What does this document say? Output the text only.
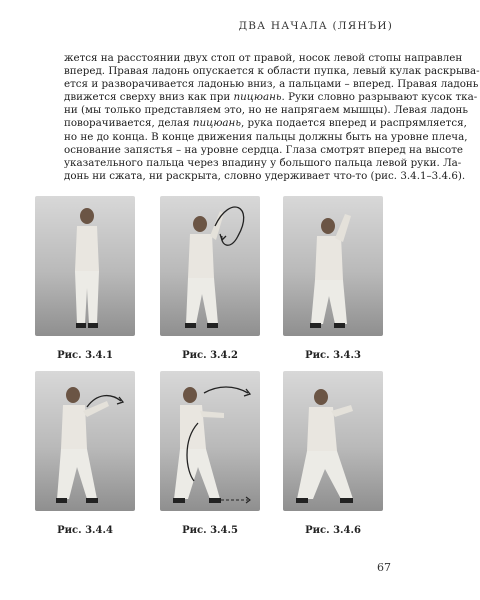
ДВА НАЧАЛА (ЛЯНЪИ)
жется на расстоянии двух стоп от правой, носок левой стопы направлен
вперед. Правая ладонь опускается к области пупка, левый кулак раскрыва-
ется и разворачивается ладонью вниз, а пальцами – вперед. Правая ладонь
движется сверху вниз как при пицюань. Руки словно разрывают кусок тка-
ни (мы только представляем это, но не напрягаем мышцы). Левая ладонь
поворачивается, делая пицюань, рука подается вперед и распрямляется,
но не до конца. В конце движения пальцы должны быть на уровне плеча,
основание запястья – на уровне сердца. Глаза смотрят вперед на высоте
указательного пальца через впадину у большого пальца левой руки. Ла-
донь ни сжата, ни раскрыта, словно удерживает что-то (рис. 3.4.1–3.4.6).
Рис. 3.4.1	Рис. 3.4.2	Рис. 3.4.3
Рис. 3.4.4	Рис. 3.4.5	Рис. 3.4.6
67
